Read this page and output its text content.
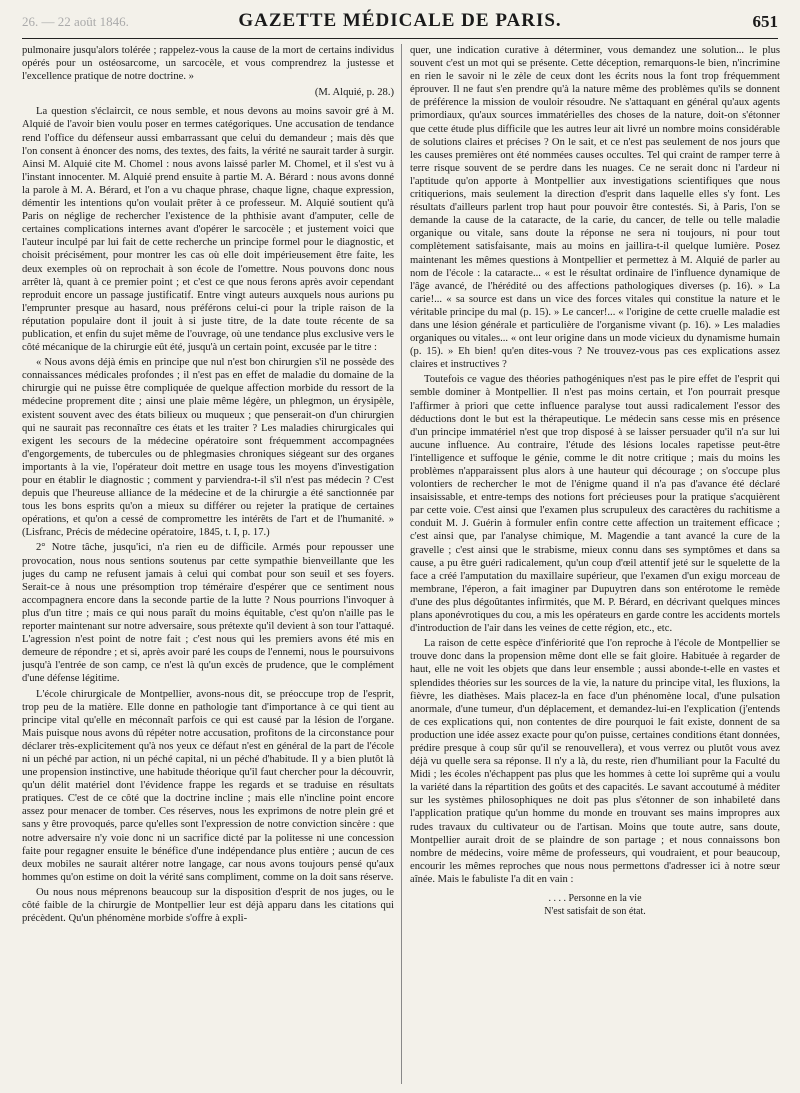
26. — 22 août 1846.	GAZETTE MÉDICALE DE PARIS.	651

pulmonaire jusqu'alors tolérée ; rappelez-vous la cause de la mort de certains individus opérés pour un ostéosarcome, un sarcocèle, et vous comprendrez la justesse et l'excellence pratique de notre doctrine. »

(M. Alquié, p. 28.)

La question s'éclaircit, ce nous semble, et nous devons au moins savoir gré à M. Alquié de l'avoir bien voulu poser en termes catégoriques. Une accusation de tendance rend l'office du défenseur aussi embarrassant que celui du demandeur ; mais dès que l'on consent à énoncer des noms, des textes, des faits, la vérité ne saurait tarder à surgir. Ainsi M. Alquié cite M. Chomel : nous avons laissé parler M. Chomel, et il s'est vu à l'instant innocenter. M. Alquié prend ensuite à partie M. A. Bérard : nous avons donné la parole à M. A. Bérard, et l'on a vu chaque phrase, chaque ligne, chaque expression, démentir les intentions qu'on voulait prêter à ce professeur. M. Alquié soutient qu'à Paris on néglige de rechercher l'existence de la phthisie avant d'amputer, celle de certaines complications internes avant d'opérer le sarcocèle ; et justement voici que l'auteur inculpé par lui fait de cette recherche un principe formel pour le diagnostic, et choisit précisément, pour montrer les cas où elle doit impérieusement être faite, les deux exemples où on reprochait à son école de l'omettre. Nous pouvons donc nous arrêter là, quant à ce premier point ; et c'est ce que nous ferons après avoir cependant reproduit encore un passage justificatif. Entre vingt auteurs auxquels nous aurions pu l'emprunter presque au hasard, nous préférons celui-ci pour la triple raison de la réputation populaire dont il jouit à si juste titre, de la date toute récente de sa publication, et enfin du sujet même de l'ouvrage, où une tendance plus exclusive vers le côté mécanique de la chirurgie eût été, jusqu'à un certain point, excusée par le titre :

« Nous avons déjà émis en principe que nul n'est bon chirurgien s'il ne possède des connaissances médicales profondes ; il n'est pas en effet de maladie du domaine de la chirurgie qui ne puisse être compliquée de quelque affection morbide du ressort de la médecine proprement dite ; ainsi une plaie même légère, un phlegmon, un érysipèle, existent souvent avec des états bilieux ou muqueux ; que penserait-on d'un chirurgien qui ne saurait pas reconnaître ces états et les traiter ? Les maladies chirurgicales qui exigent les secours de la médecine opératoire sont fréquemment accompagnées d'engorgements, de tubercules ou de phlegmasies chroniques siégeant sur des organes importants à la vie, l'opérateur doit mettre en usage tous les moyens d'investigation pour en établir le diagnostic ; comment y parviendra-t-il s'il n'est pas médecin ? C'est depuis que l'heureuse alliance de la médecine et de la chirurgie a été sanctionnée par tous les bons esprits qu'on a mieux su différer ou rejeter la pratique de certaines opérations, et qu'on a cessé de compromettre les intérêts de l'art et de l'humanité. » (Lisfranc, Précis de médecine opératoire, 1845, t. I, p. 17.)

2° Notre tâche, jusqu'ici, n'a rien eu de difficile. Armés pour repousser une provocation, nous nous sentions soutenus par cette sympathie bienveillante que les juges du camp ne refusent jamais à celui qui combat pour son seuil et ses foyers. Serait-ce à nous une présomption trop téméraire d'espérer que ce sentiment nous accompagnera encore dans la seconde partie de la lutte ? Nous pourrions l'invoquer à plus d'un titre ; mais ce qui nous paraît du moins équitable, c'est qu'on n'aille pas le reporter maintenant sur notre adversaire, sous prétexte qu'il devient à son tour l'attaqué. L'agression n'est point de notre fait ; c'est nous qui les premiers avons été mis en demeure de répondre ; et si, après avoir paré les coups de l'ennemi, nous le poursuivons jusqu'à l'entrée de son camp, ce n'est là qu'un excès de prudence, que le complément d'une défense légitime.

L'école chirurgicale de Montpellier, avons-nous dit, se préoccupe trop de l'esprit, trop peu de la matière. Elle donne en pathologie tant d'importance à ce qui tient au principe vital qu'elle en méconnaît parfois ce qui est causé par la lésion de l'organe. Mais puisque nous avons dû répéter notre accusation, profitons de la circonstance pour déclarer très-explicitement qu'à nos yeux ce défaut n'est en général de la part de l'école ni un péché par action, ni un péché capital, ni un péché d'habitude. Il y a bien plutôt là une propension instinctive, une habitude théorique qu'il faut chercher pour la découvrir, qu'un délit matériel dont l'évidence frappe les regards et se traduise en résultats pratiques. C'est de ce côté que la doctrine incline ; mais elle n'incline point encore assez pour menacer de tomber. Ces réserves, nous les exprimons de notre plein gré et sans y être provoqués, parce qu'elles sont l'expression de notre conviction sincère : que notre adversaire n'y voie donc ni un sacrifice dicté par la politesse ni une concession faite pour regagner ensuite le bénéfice d'une indépendance plus entière ; aucun de ces deux mobiles ne saurait altérer notre langage, car nous avons toujours pensé qu'aux hommes qu'on estime on doit la vérité sans compliment, comme on la doit sans réserve.

Ou nous nous méprenons beaucoup sur la disposition d'esprit de nos juges, ou le côté faible de la chirurgie de Montpellier leur est déjà apparu dans les citations qui précèdent. Qu'un phénomène morbide s'offre à expli-

quer, une indication curative à déterminer, vous demandez une solution... le plus souvent c'est un mot qui se présente. Cette déception, remarquons-le bien, n'incrimine en rien le savoir ni le zèle de ceux dont les écrits nous la font trop fréquemment éprouver. Il ne faut s'en prendre qu'à la nature même des problèmes qu'ils se donnent de préférence la mission de vouloir résoudre. Ne s'attaquant en général qu'aux agents primordiaux, qu'aux sources immatérielles des choses de la nature, doit-on s'étonner que cette étude plus difficile que les autres leur ait livré un nombre moins considérable de solutions claires et précises ? On le sait, et ce n'est pas seulement de nos jours que les causes premières ont été nommées causes occultes. Tel qui craint de ramper terre à terre risque souvent de se perdre dans les nuages. Ce ne serait donc ni l'ardeur ni l'aptitude qu'on apporte à Montpellier aux investigations scientifiques que nous critiquerions, mais seulement la direction d'esprit dans laquelle elles s'y font. Les résultats d'ailleurs parlent trop haut pour pouvoir être contestés. Si, à Paris, l'on se demande la cause de la cataracte, de la carie, du cancer, de telle ou telle maladie organique ou vitale, sans doute la réponse ne sera ni toujours, ni pour tout complètement satisfaisante, mais au moins en jaillira-t-il quelque lumière. Posez maintenant les mêmes questions à Montpellier et permettez à M. Alquié de parler au nom de l'école : la cataracte... « est le résultat ordinaire de l'influence dynamique de l'âge avancé, de l'hérédité ou des affections pathologiques diverses (p. 16). » La carie!... « sa source est dans un vice des forces vitales qui constitue la nature et le véritable principe du mal (p. 15). » Le cancer!... « l'origine de cette cruelle maladie est dans une lésion générale et particulière de l'organisme vivant (p. 16). » Les maladies organiques ou vitales... « ont leur origine dans un mode vicieux du dynamisme humain (p. 15). » Eh bien! qu'en dites-vous ? Ne trouvez-vous pas ces explications assez claires et instructives ?

Toutefois ce vague des théories pathogéniques n'est pas le pire effet de l'esprit qui semble dominer à Montpellier. Il n'est pas moins certain, et l'on pourrait presque l'affirmer à priori que cette influence paralyse tout aussi radicalement l'essor des déductions dont le but est la thérapeutique. Le médecin sans cesse mis en présence d'un principe immatériel n'est que trop disposé à se laisser persuader qu'il n'a sur lui aucune influence. Au contraire, l'étude des lésions locales rapetisse peut-être l'intelligence et suffoque le génie, comme le dit notre critique ; mais du moins les problèmes n'apparaissent plus alors à une hauteur qui décourage ; on s'occupe plus volontiers de rechercher le mot de l'énigme quand il n'a pas d'avance été déclaré insaisissable, et entre-temps des notions fort précieuses pour la pratique s'acquièrent par cette voie. C'est ainsi que l'examen plus scrupuleux des caractères du rachitisme a conduit M. J. Guérin à formuler enfin contre cette affection un traitement efficace ; c'est ainsi que, par l'analyse chimique, M. Magendie a tant avancé la cure de la gravelle ; c'est ainsi que le strabisme, mieux connu dans ses symptômes et dans sa cause, a pu être guéri radicalement, qu'un coup d'œil attentif jeté sur le squelette de la face a créé l'amputation du maxillaire supérieur, que l'examen d'un exigu morceau de membrane, l'éperon, a fait imaginer par Dupuytren dans son entérotome le remède d'une des plus dégoûtantes infirmités, que M. P. Bérard, en décrivant quelques minces plans aponévrotiques du cou, a mis les opérateurs en garde contre les accidents mortels d'introduction de l'air dans les veines de cette région, etc., etc.

La raison de cette espèce d'infériorité que l'on reproche à l'école de Montpellier se trouve donc dans la propension même dont elle se fait gloire. Habituée à regarder de haut, elle ne voit les objets que dans leur ensemble ; aussi abonde-t-elle en vastes et splendides théories sur les sources de la vie, la nature du principe vital, les fluxions, la fièvre, les diathèses. Mais placez-la en face d'un phénomène local, d'une pulsation anormale, d'une tumeur, d'un déplacement, et demandez-lui-en l'explication (j'entends de ces explications qui, non contentes de dire pourquoi le fait existe, donnent de sa production une idée assez exacte pour qu'on puisse, certaines conditions étant données, prédire presque à coup sûr qu'il se renouvellera), et vous verrez ou plutôt vous avez déjà vu quelle sera sa réponse. Il n'y a là, du reste, rien d'humiliant pour la Faculté du Midi ; les écoles n'échappent pas plus que les hommes à cette loi suprême qui a voulu la variété dans la répartition des goûts et des capacités. Le savant accoutumé à méditer sur les systèmes philosophiques ne doit pas plus s'étonner de son inhabileté dans l'application pratique qu'un homme du monde en trouvant ses mains impropres aux rudes travaux du cultivateur ou de l'artisan. Moins que toute autre, sans doute, Montpellier aurait droit de se plaindre de son partage ; et nous connaissons bon nombre de médecins, voire même de professeurs, qui voudraient, et pour beaucoup, encourir les mêmes reproches que nous nous permettons d'adresser ici à notre sœur aînée. Mais le fabuliste l'a dit en vain :

. . . . Personne en la vie
N'est satisfait de son état.
